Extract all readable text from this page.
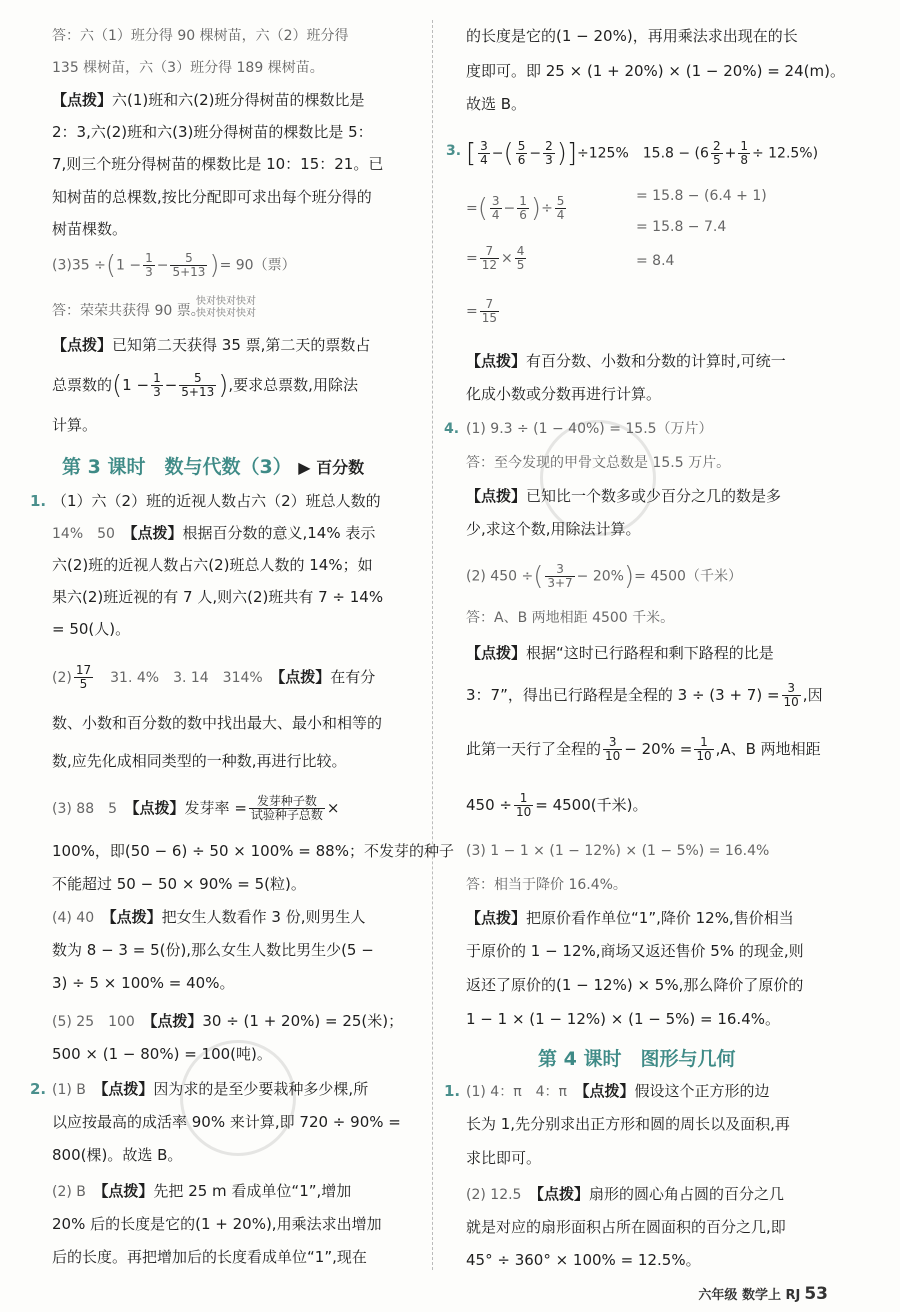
答：六（1）班分得 90 棵树苗，六（2）班分得
135 棵树苗，六（3）班分得 189 棵树苗。
【点拨】六(1)班和六(2)班分得树苗的棵数比是
2：3,六(2)班和六(3)班分得树苗的棵数比是 5：
7,则三个班分得树苗的棵数比是 10：15：21。已
知树苗的总棵数,按比分配即可求出每个班分得的
树苗棵数。
$(3)35 \div(1 - \frac{1}{3} - \frac{5}{5+13}$ )= 90（票）
答：荣荣共获得 90 票。
【点拨】已知第二天获得 35 票,第二天的票数占
总票数的($1 - \frac{1}{3} - \frac{5}{5+13}$ ),要求总票数,用除法
计算。
第 3 课时　数与代数（3） ▶ 百分数
1. （1）六（2）班的近视人数占六（2）班总人数的
14%　50　 【点拨】根据百分数的意义,14% 表示
六(2)班的近视人数占六(2)班总人数的 14%；如
果六(2)班近视的有 7 人,则六(2)班共有 7 ÷ 14%
= 50(人)。
$(2) \frac{17}{5}$
　 31. 4%　3. 14　314%　 【点拨】在有分
数、小数和百分数的数中找出最大、最小和相等的
数,应先化成相同类型的一种数,再进行比较。
(3) 88　5　 【点拨】发芽率 = $\frac{\text{发芽种子数}}{\text{试验种子总数}}$ ×
100%，即(50 − 6) ÷ 50 × 100% = 88%；不发芽的种子
不能超过 50 − 50 × 90% = 5(粒)。
(4) 40　 【点拨】把女生人数看作 3 份,则男生人
数为 8 − 3 = 5(份),那么女生人数比男生少(5 −
3) ÷ 5 × 100% = 40%。
(5) 25　100　 【点拨】30 ÷ (1 + 20%) = 25(米)；
500 × (1 − 80%) = 100(吨)。
2. (1) B　 【点拨】因为求的是至少要栽种多少棵,所
以应按最高的成活率 90% 来计算,即 720 ÷ 90% =
800(棵)。故选 B。
(2) B　 【点拨】先把 25 m 看成单位“1”,增加
20% 后的长度是它的(1 + 20%),用乘法求出增加
后的长度。再把增加后的长度看成单位“1”,现在
快对快对快对
快对快对快对
的长度是它的(1 − 20%)，再用乘法求出现在的长
度即可。即 25 × (1 + 20%) × (1 − 20%) = 24(m)。
故选 B。
3. [ $\frac{3}{4}$ −( $\frac{5}{6} - \frac{2}{3} )]\div 125\%$　$15.8 - (6 \frac{2}{5} + \frac{1}{8} \div 12.5\%)$
=( $\frac{3}{4} - \frac{1}{6}$ )÷ $\frac{5}{4}$	= 15.8 − (6.4 + 1)
= 15.8 − 7.4
= $\frac{7}{12} \times \frac{4}{5}$	= 8.4
= $\frac{7}{15}$
【点拨】有百分数、小数和分数的计算时,可统一
化成小数或分数再进行计算。
4. (1) 9.3 ÷ (1 − 40%) = 15.5（万片）
答：至今发现的甲骨文总数是 15.5 万片。
【点拨】已知比一个数多或少百分之几的数是多
少,求这个数,用除法计算。
(2) 450 ÷( $\frac{3}{3+7} - 20\%)= 4500$（千米）
答：A、B 两地相距 4500 千米。
【点拨】根据“这时已行路程和剩下路程的比是
3：7”，得出已行路程是全程的 $3 \div (3 + 7) = \frac{3}{10}$ ,因
此第一天行了全程的 $\frac{3}{10} - 20\% = \frac{1}{10} ,A$、B 两地相距
$450 \div \frac{1}{10} = 4500$(千米)。
(3) 1 − 1 × (1 − 12%) × (1 − 5%) = 16.4%
答：相当于降价 16.4%。
【点拨】把原价看作单位“1”,降价 12%,售价相当
于原价的 1 − 12%,商场又返还售价 5% 的现金,则
返还了原价的(1 − 12%) × 5%,那么降价了原价的
1 − 1 × (1 − 12%) × (1 − 5%) = 16.4%。
第 4 课时　图形与几何
1. (1) 4：π　4：π　 【点拨】假设这个正方形的边
长为 1,先分别求出正方形和圆的周长以及面积,再
求比即可。
(2) 12.5　 【点拨】扇形的圆心角占圆的百分之几
就是对应的扇形面积占所在圆面积的百分之几,即
45° ÷ 360° × 100% = 12.5%。
六年级 数学上 RJ 53
